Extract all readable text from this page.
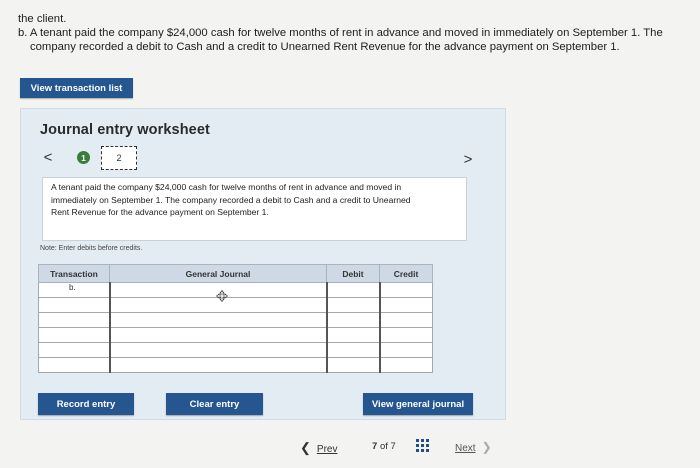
the client.

b. A tenant paid the company $24,000 cash for twelve months of rent in advance and moved in immediately on September 1. The company recorded a debit to Cash and a credit to Unearned Rent Revenue for the advance payment on September 1.

View transaction list
Journal entry worksheet
<	1	2	>
A tenant paid the company $24,000 cash for twelve months of rent in advance and moved in immediately on September 1. The company recorded a debit to Cash and a credit to Unearned Rent Revenue for the advance payment on September 1.
Note: Enter debits before credits.
Transaction	General Journal	Debit	Credit
b.			

Record entry	Clear entry	View general journal
❮ Prev	7 of 7	Next ❯
